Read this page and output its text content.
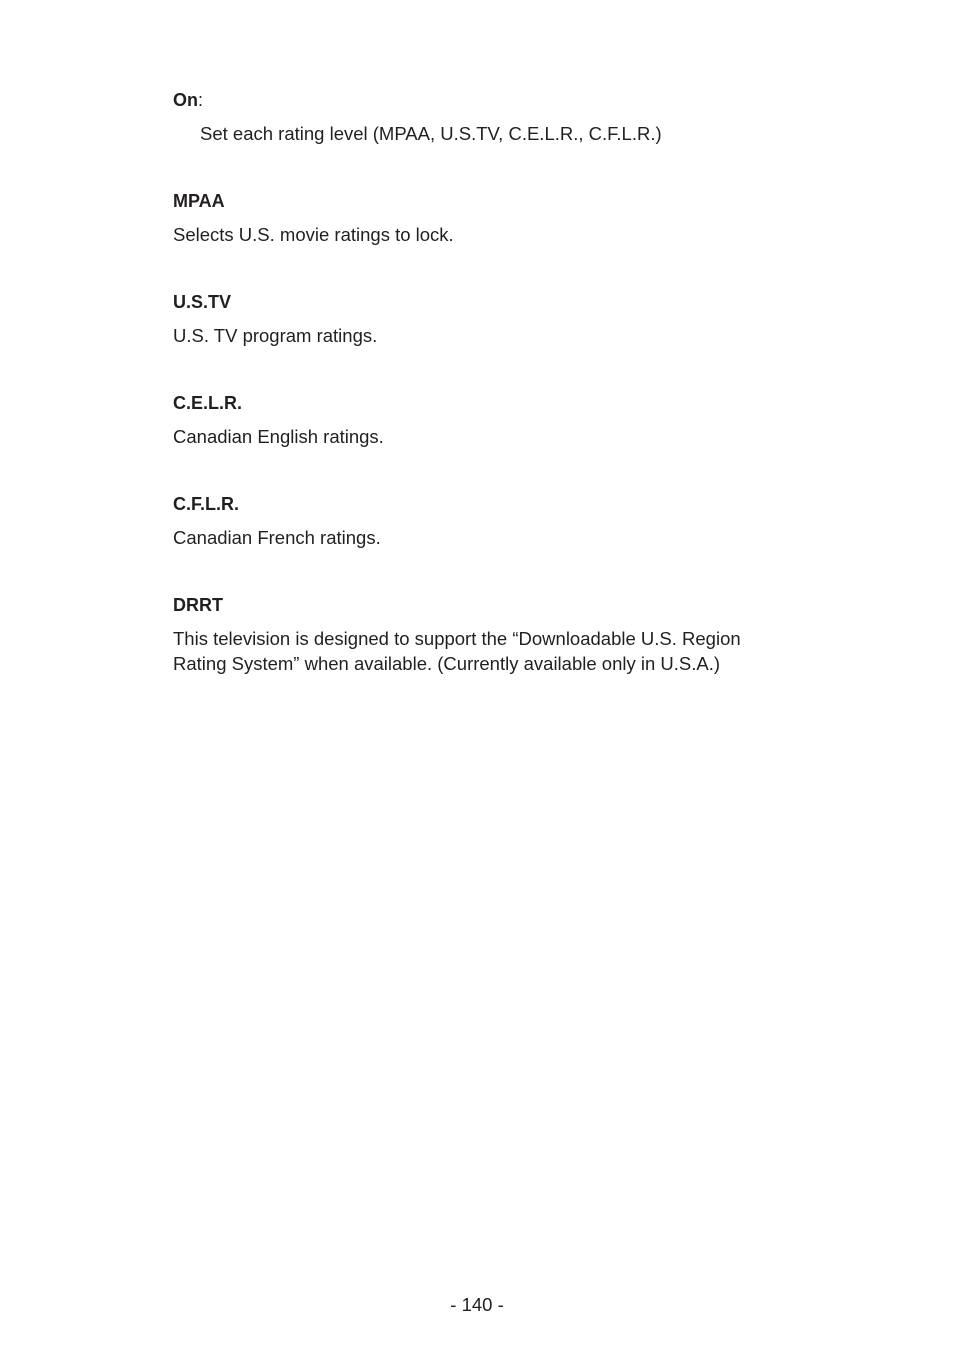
On:

Set each rating level (MPAA, U.S.TV, C.E.L.R., C.F.L.R.)

MPAA

Selects U.S. movie ratings to lock.

U.S.TV

U.S. TV program ratings.

C.E.L.R.

Canadian English ratings.

C.F.L.R.

Canadian French ratings.

DRRT

This television is designed to support the “Downloadable U.S. Region
Rating System” when available. (Currently available only in U.S.A.)

- 140 -
